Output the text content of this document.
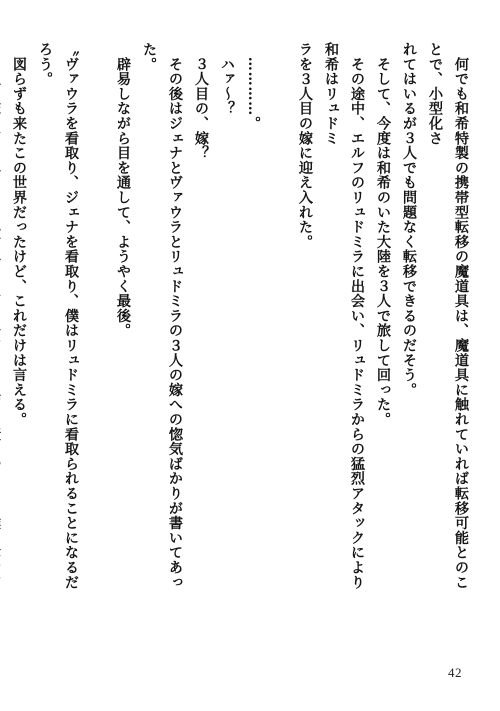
　何でも和希特製の携帯型転移の魔道具は、魔道具に触れていれば転移可能とのことで、小型化さ

れてはいるが３人でも問題なく転移できるのだそう。

　そして、今度は和希のいた大陸を３人で旅して回った。

　その途中、エルフのリュドミラに出会い、リュドミラからの猛烈アタックにより和希はリュドミ

ラを３人目の嫁に迎え入れた。

　…………。

　ハァ～？

　３人目の、嫁？

　その後はジェナとヴァウラとリュドミラの３人の嫁への惚気ばかりが書いてあった。

　辟易しながら目を通して、ようやく最後。

〝ヴァウラを看取り、ジェナを看取り、僕はリュドミラに看取られることになるだろう。

　図らずも来たこの世界だったけど、これだけは言える。

42
